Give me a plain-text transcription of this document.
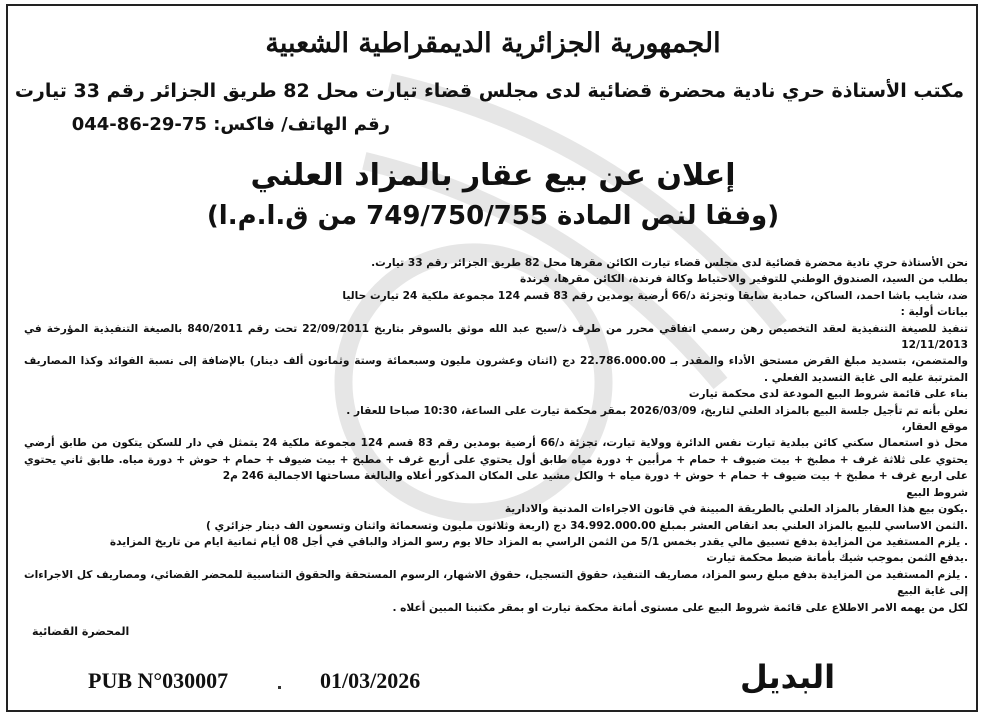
الجمهورية الجزائرية الديمقراطية الشعبية
مكتب الأستاذة حري نادية محضرة قضائية لدى مجلس قضاء تيارت محل 82 طريق الجزائر رقم 33 تيارت
رقم الهاتف/ فاكس: 75-29-86-044
إعلان عن بيع عقار بالمزاد العلني
(وفقا لنص المادة 749/750/755 من ق.ا.م.ا)

نحن الأستاذة حري نادية محضرة قضائية لدى مجلس قضاء تيارت الكائن مقرها محل 82 طريق الجزائر رقم 33 تيارت.

بطلب من السيد، الصندوق الوطني للتوفير والاحتياط وكالة فرندة، الكائن مقرها، فرندة

ضد، شايب باشا احمد، الساكن، حمادية سابقا وتجزئة د/66 أرضية بومدين رقم 83 قسم 124 مجموعة ملكية 24 تيارت حاليا

بيانات أولية :

تنفيذ للصيغة التنفيذية لعقد التخصيص رهن رسمي اتفاقي محرر من طرف ذ/سيح عبد الله موثق بالسوقر بتاريخ 22/09/2011 تحت رقم 840/2011 بالصيغة التنفيذية المؤرخة في 12/11/2013

والمتضمن، بتسديد مبلغ القرض مستحق الأداء والمقدر بـ 22.786.000.00 دج (اثنان وعشرون مليون وسبعمائة وستة وثمانون ألف دينار) بالإضافة إلى نسبة الفوائد وكذا المصاريف المترتبة عليه الى غاية التسديد الفعلي .

بناء على قائمة شروط البيع المودعة لدى محكمة تيارت

نعلن بأنه تم تأجيل جلسة البيع بالمزاد العلني لتاريخ، 2026/03/09 بمقر محكمة تيارت على الساعة، 10:30 صباحا للعقار .

موقع العقار،

محل ذو استعمال سكني كائن ببلدية تيارت نفس الدائرة وولاية تيارت، تجزئة د/66 أرضية بومدين رقم 83 قسم 124 مجموعة ملكية 24 يتمثل في دار للسكن يتكون من طابق أرضي يحتوي على ثلاثة غرف + مطبخ + بيت ضيوف + حمام + مرأبين + دورة مياه طابق أول يحتوي على أربع غرف + مطبخ + بيت ضيوف + حمام + حوش + دورة مياه. طابق ثاني يحتوي على اربع غرف + مطبخ + بيت ضيوف + حمام + حوش + دورة مياه + والكل مشيد على المكان المذكور أعلاه والبالغة مساحتها الاجمالية 246 م2

شروط البيع

.يكون بيع هذا العقار بالمزاد العلني بالطريقة المبينة في قانون الاجراءات المدنية والادارية

.الثمن الاساسي للبيع بالمزاد العلني بعد انقاص العشر بمبلغ 34.992.000.00 دج (اربعة وثلاثون مليون وتسعمائة واثنان وتسعون الف دينار جزائري )

. يلزم المستفيد من المزايدة بدفع تسبيق مالي يقدر بخمس 5/1 من الثمن الراسي به المزاد حالا يوم رسو المزاد والباقي في أجل 08 أيام ثمانية ايام من تاريخ المزايدة

.يدفع الثمن بموجب شيك بأمانة ضبط محكمة تيارت

. يلزم المستفيد من المزايدة بدفع مبلغ رسو المزاد، مصاريف التنفيذ، حقوق التسجيل، حقوق الاشهار، الرسوم المستحقة والحقوق التناسبية للمحضر القضائي، ومصاريف كل الاجراءات إلى غاية البيع

لكل من يهمه الامر الاطلاع على قائمة شروط البيع على مستوى أمانة محكمة تيارت او بمقر مكتبنا المبين أعلاه .

المحضرة القضائية
PUB N°030007	01/03/2026	البديل
